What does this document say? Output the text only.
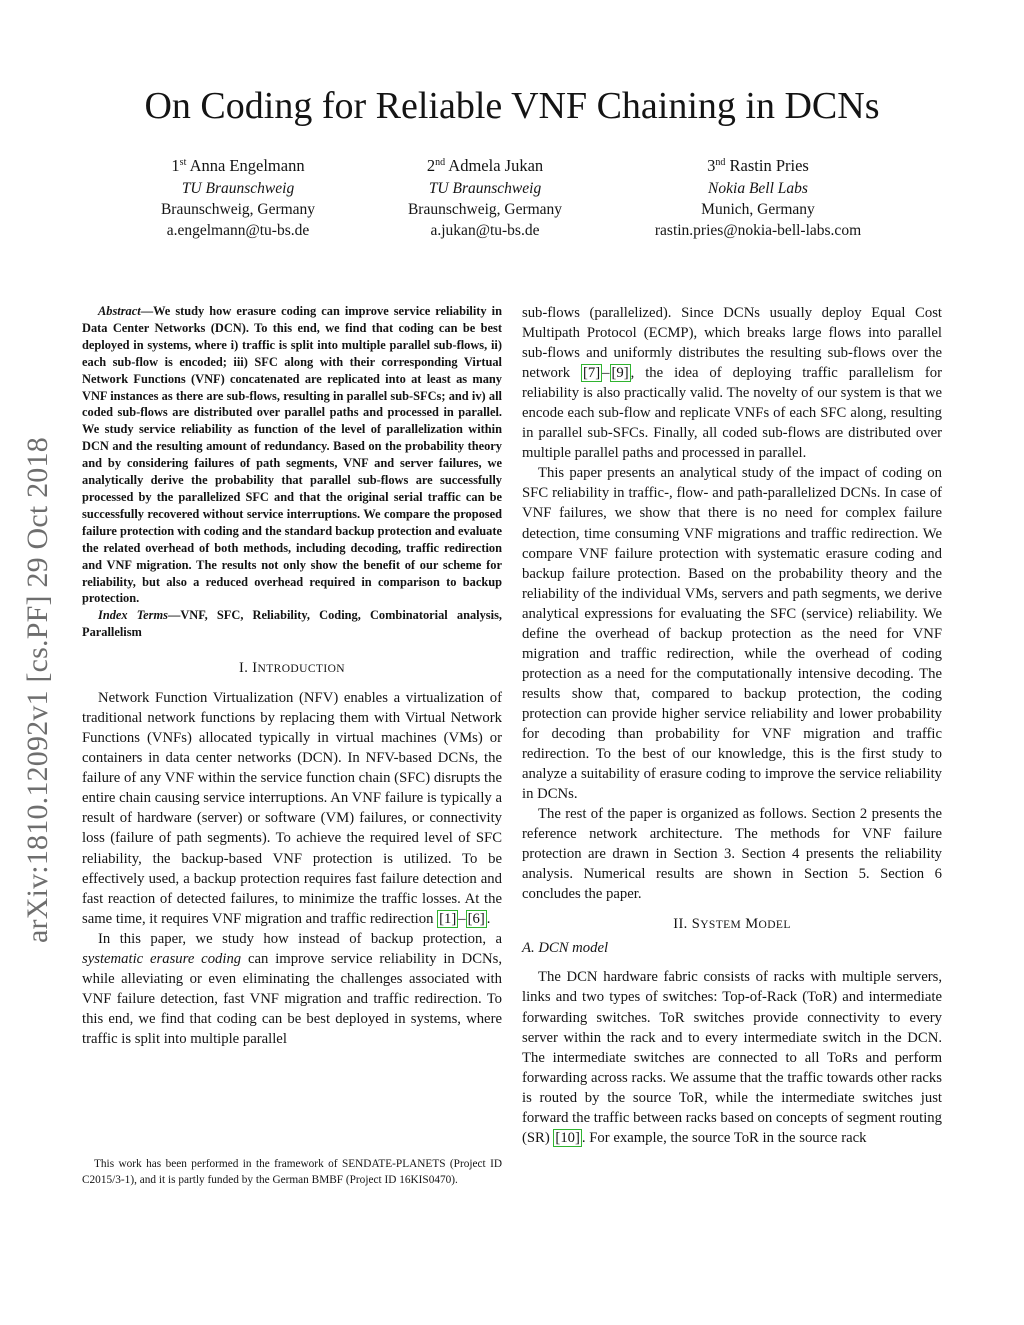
On Coding for Reliable VNF Chaining in DCNs
1st Anna Engelmann
TU Braunschweig
Braunschweig, Germany
a.engelmann@tu-bs.de
2nd Admela Jukan
TU Braunschweig
Braunschweig, Germany
a.jukan@tu-bs.de
3nd Rastin Pries
Nokia Bell Labs
Munich, Germany
rastin.pries@nokia-bell-labs.com
arXiv:1810.12092v1 [cs.PF] 29 Oct 2018

Abstract—We study how erasure coding can improve service reliability in Data Center Networks (DCN). To this end, we find that coding can be best deployed in systems, where i) traffic is split into multiple parallel sub-flows, ii) each sub-flow is encoded; iii) SFC along with their corresponding Virtual Network Functions (VNF) concatenated are replicated into at least as many VNF instances as there are sub-flows, resulting in parallel sub-SFCs; and iv) all coded sub-flows are distributed over parallel paths and processed in parallel. We study service reliability as function of the level of parallelization within DCN and the resulting amount of redundancy. Based on the probability theory and by considering failures of path segments, VNF and server failures, we analytically derive the probability that parallel sub-flows are successfully processed by the parallelized SFC and that the original serial traffic can be successfully recovered without service interruptions. We compare the proposed failure protection with coding and the standard backup protection and evaluate the related overhead of both methods, including decoding, traffic redirection and VNF migration. The results not only show the benefit of our scheme for reliability, but also a reduced overhead required in comparison to backup protection.

Index Terms—VNF, SFC, Reliability, Coding, Combinatorial analysis, Parallelism

I. INTRODUCTION

Network Function Virtualization (NFV) enables a virtualization of traditional network functions by replacing them with Virtual Network Functions (VNFs) allocated typically in virtual machines (VMs) or containers in data center networks (DCN). In NFV-based DCNs, the failure of any VNF within the service function chain (SFC) disrupts the entire chain causing service interruptions. An VNF failure is typically a result of hardware (server) or software (VM) failures, or connectivity loss (failure of path segments). To achieve the required level of SFC reliability, the backup-based VNF protection is utilized. To be effectively used, a backup protection requires fast failure detection and fast reaction of detected failures, to minimize the traffic losses. At the same time, it requires VNF migration and traffic redirection [1] – [6] .

In this paper, we study how instead of backup protection, a systematic erasure coding can improve service reliability in DCNs, while alleviating or even eliminating the challenges associated with VNF failure detection, fast VNF migration and traffic redirection. To this end, we find that coding can be best deployed in systems, where traffic is split into multiple parallel

This work has been performed in the framework of SENDATE-PLANETS (Project ID C2015/3-1), and it is partly funded by the German BMBF (Project ID 16KIS0470).

sub-flows (parallelized). Since DCNs usually deploy Equal Cost Multipath Protocol (ECMP), which breaks large flows into parallel sub-flows and uniformly distributes the resulting sub-flows over the network [7] – [9] , the idea of deploying traffic parallelism for reliability is also practically valid. The novelty of our system is that we encode each sub-flow and replicate VNFs of each SFC along, resulting in parallel sub-SFCs. Finally, all coded sub-flows are distributed over multiple parallel paths and processed in parallel.

This paper presents an analytical study of the impact of coding on SFC reliability in traffic-, flow- and path-parallelized DCNs. In case of VNF failures, we show that there is no need for complex failure detection, time consuming VNF migrations and traffic redirection. We compare VNF failure protection with systematic erasure coding and backup failure protection. Based on the probability theory and the reliability of the individual VMs, servers and path segments, we derive analytical expressions for evaluating the SFC (service) reliability. We define the overhead of backup protection as the need for VNF migration and traffic redirection, while the overhead of coding protection as a need for the computationally intensive decoding. The results show that, compared to backup protection, the coding protection can provide higher service reliability and lower probability for decoding than probability for VNF migration and traffic redirection. To the best of our knowledge, this is the first study to analyze a suitability of erasure coding to improve the service reliability in DCNs.

The rest of the paper is organized as follows. Section 2 presents the reference network architecture. The methods for VNF failure protection are drawn in Section 3. Section 4 presents the reliability analysis. Numerical results are shown in Section 5. Section 6 concludes the paper.

II. SYSTEM MODEL
A. DCN model

The DCN hardware fabric consists of racks with multiple servers, links and two types of switches: Top-of-Rack (ToR) and intermediate forwarding switches. ToR switches provide connectivity to every server within the rack and to every intermediate switch in the DCN. The intermediate switches are connected to all ToRs and perform forwarding across racks. We assume that the traffic towards other racks is routed by the source ToR, while the intermediate switches just forward the traffic between racks based on concepts of segment routing (SR) [10] . For example, the source ToR in the source rack
